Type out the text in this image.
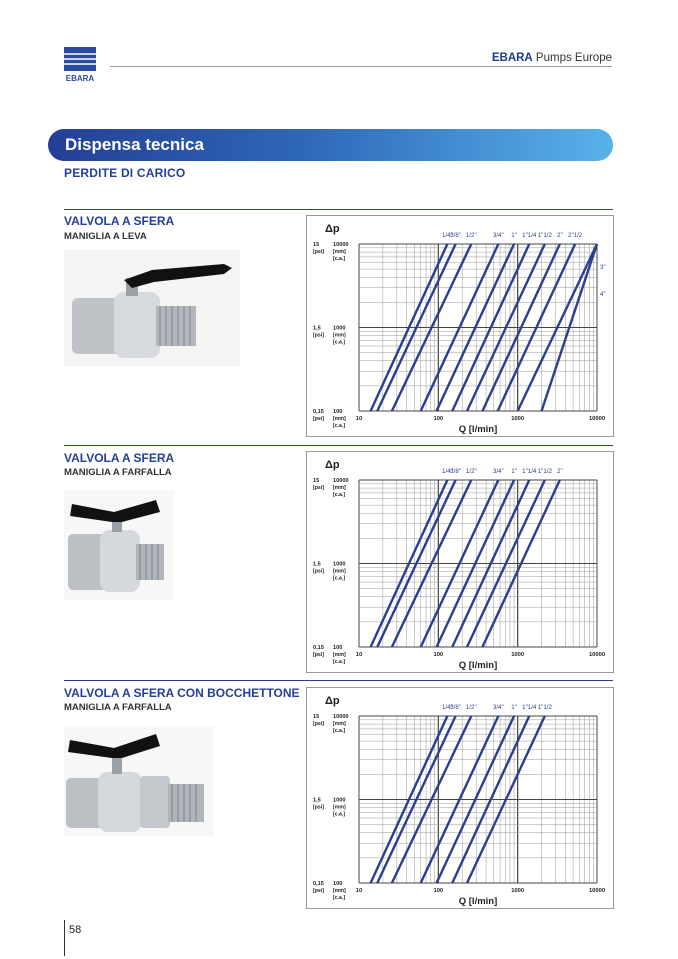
EBARA
EBARA Pumps Europe
Dispensa tecnica
PERDITE DI CARICO
VALVOLA A SFERA
MANIGLIA A LEVA	1/4"
3/8" 1/2"	3/4" 1" 1"1/4 1"1/2 2" 2"1/2
3"
4"
Δp
15 10000
[psi] [mm]
[c.a.]
1,5 1000
[psi] [mm]
[c.a.]
0,15 100
[psi] [mm]
[c.a.]
10	100	1000	10000
Q [l/min]
VALVOLA A SFERA
MANIGLIA A FARFALLA	1/4"
3/8" 1/2"	3/4" 1" 1"1/4 1"1/2 2"
Δp
15 10000
[psi] [mm]
[c.a.]
1,5 1000
[psi] [mm]
[c.a.]
0,15 100
[psi] [mm]
[c.a.]
10	100	1000	10000
Q [l/min]
VALVOLA A SFERA CON BOCCHETTONE
MANIGLIA A FARFALLA	1/4"
3/8" 1/2"	3/4" 1" 1"1/4 1"1/2
Δp
15 10000
[psi] [mm]
[c.a.]
1,5 1000
[psi] [mm]
[c.a.]
0,15 100
[psi] [mm]
[c.a.]
10	100	1000	10000
Q [l/min]
58
